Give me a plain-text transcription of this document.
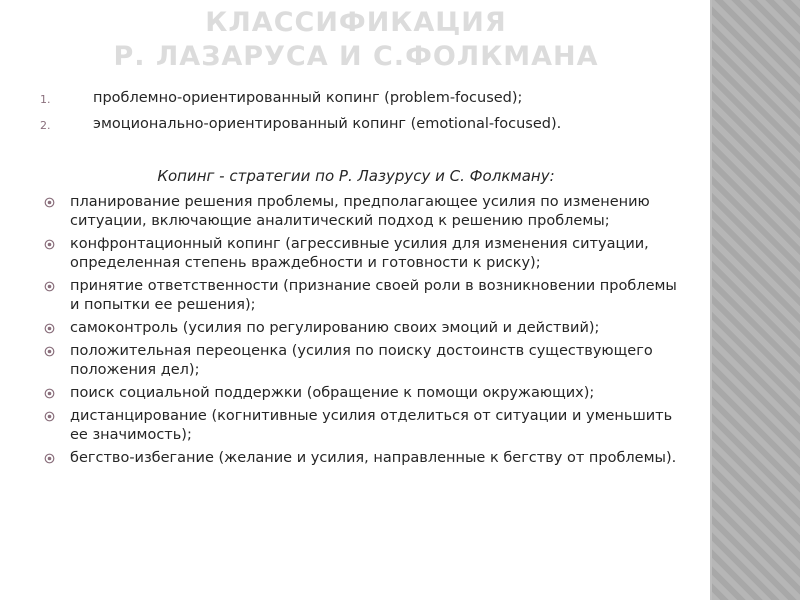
КЛАССИФИКАЦИЯ
Р. ЛАЗАРУСА И С.ФОЛКМАНА
1.	проблемно-ориентированный копинг (problem-focused);
2.	эмоционально-ориентированный копинг (emotional-focused).

Копинг - стратегии по Р. Лазурусу и С. Фолкману:

планирование решения проблемы, предполагающее усилия по изменению ситуации, включающие аналитический подход к решению проблемы;
конфронтационный копинг (агрессивные усилия для изменения ситуации, определенная степень враждебности и готовности к риску);
принятие ответственности (признание своей роли в возникновении проблемы и попытки ее решения);
самоконтроль (усилия по регулированию своих эмоций и действий);
положительная переоценка (усилия по поиску достоинств существующего положения дел);
поиск социальной поддержки (обращение к помощи окружающих);
дистанцирование (когнитивные усилия отделиться от ситуации и уменьшить ее значимость);
бегство-избегание (желание и усилия, направленные к бегству от проблемы).
